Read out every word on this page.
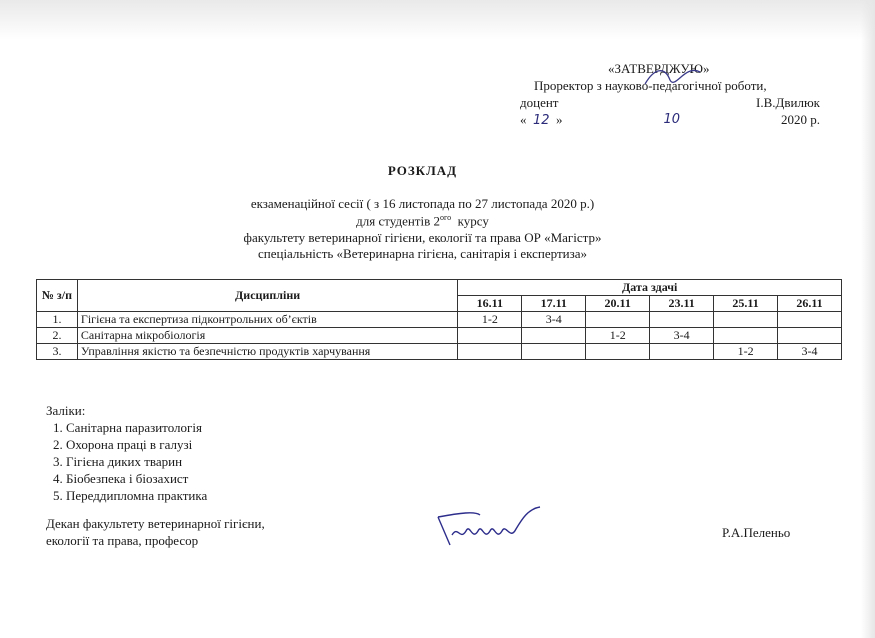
«ЗАТВЕРДЖУЮ»
Проректор з науково-педагогічної роботи,
доцент	І.В.Двилюк
«  12  »	10	2020 р.
РОЗКЛАД
екзаменаційної сесії ( з 16 листопада по 27 листопада 2020 р.)
для студентів $2^{ого}$ курсу
факультету ветеринарної гігієни, екології та права ОР «Магістр»
спеціальність «Ветеринарна гігієна, санітарія і експертиза»
№ з/п	Дисципліни	Дата здачі					
		16.11	17.11	20.11	23.11	25.11	26.11
1.	Гігієна та експертиза підконтрольних об’єктів	1-2	3-4				
2.	Санітарна мікробіологія			1-2	3-4		
3.	Управління якістю та безпечністю продуктів харчування					1-2	3-4
Заліки:
1. Санітарна паразитологія
2. Охорона праці в галузі
3. Гігієна диких тварин
4. Біобезпека і біозахист
5. Переддипломна практика
Декан факультету ветеринарної гігієни,
екології та права, професор
Р.А.Пеленьо
